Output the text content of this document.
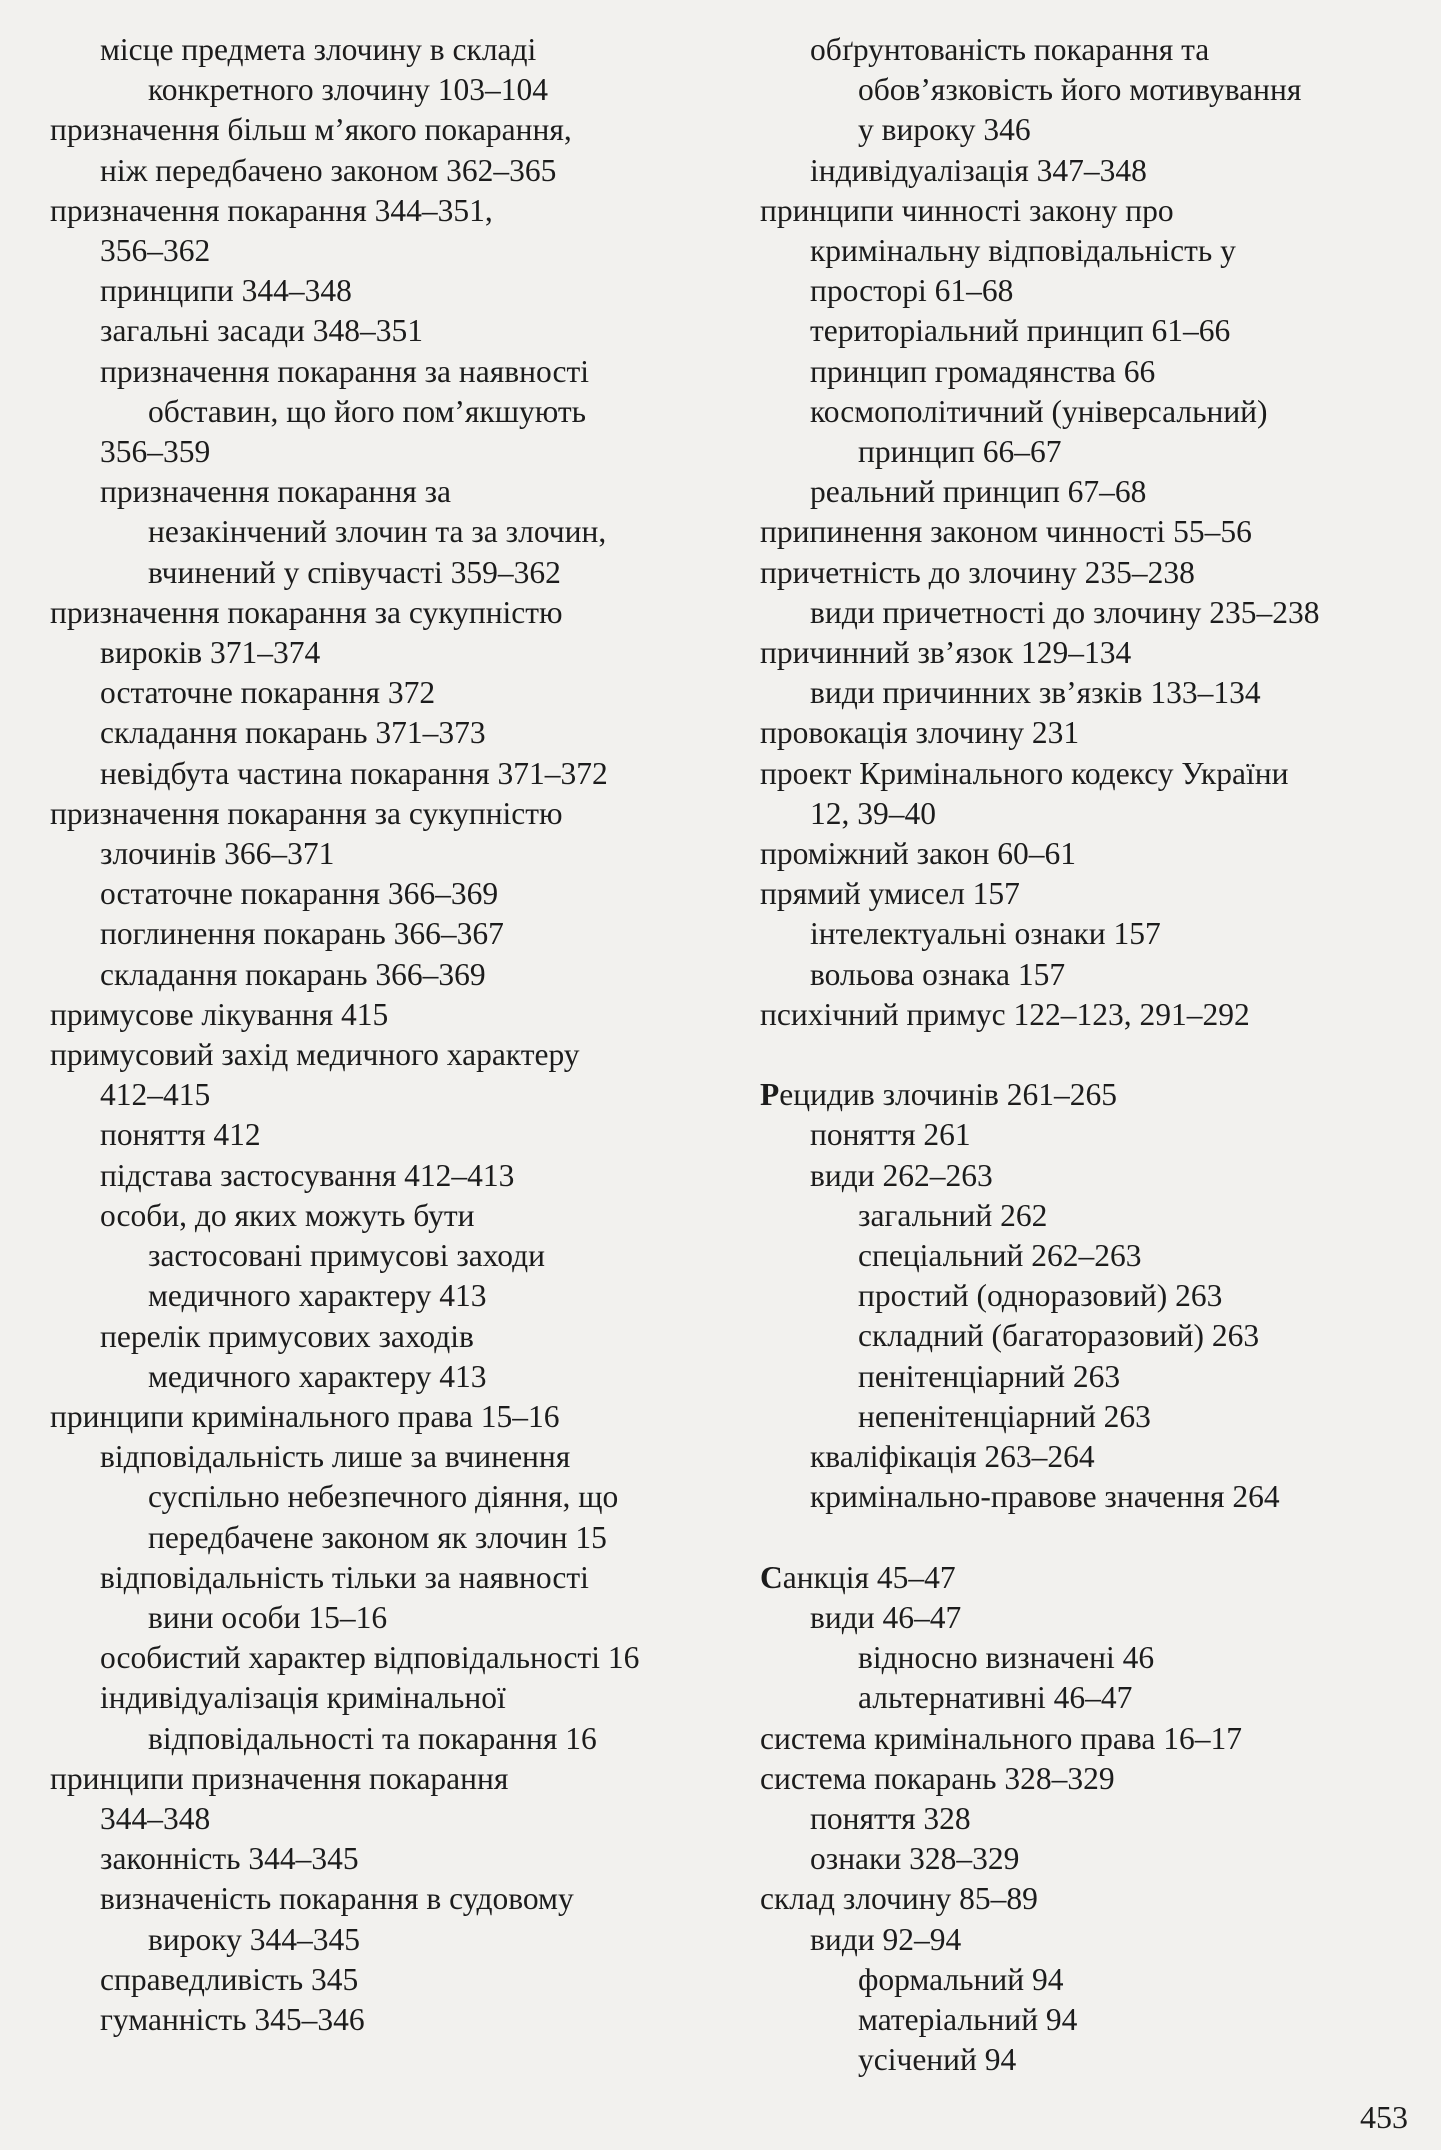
місце предмета злочину в складі
конкретного злочину 103–104
призначення більш м’якого покарання,
ніж передбачено законом 362–365
призначення покарання 344–351,
356–362
принципи 344–348
загальні засади 348–351
призначення покарання за наявності
обставин, що його пом’якшують
356–359
призначення покарання за
незакінчений злочин та за злочин,
вчинений у співучасті 359–362
призначення покарання за сукупністю
вироків 371–374
остаточне покарання 372
складання покарань 371–373
невідбута частина покарання 371–372
призначення покарання за сукупністю
злочинів 366–371
остаточне покарання 366–369
поглинення покарань 366–367
складання покарань 366–369
примусове лікування 415
примусовий захід медичного характеру
412–415
поняття 412
підстава застосування 412–413
особи, до яких можуть бути
застосовані примусові заходи
медичного характеру 413
перелік примусових заходів
медичного характеру 413
принципи кримінального права 15–16
відповідальність лише за вчинення
суспільно небезпечного діяння, що
передбачене законом як злочин 15
відповідальність тільки за наявності
вини особи 15–16
особистий характер відповідальності 16
індивідуалізація кримінальної
відповідальності та покарання 16
принципи призначення покарання
344–348
законність 344–345
визначеність покарання в судовому
вироку 344–345
справедливість 345
гуманність 345–346
обґрунтованість покарання та
обов’язковість його мотивування
у вироку 346
індивідуалізація 347–348
принципи чинності закону про
кримінальну відповідальність у
просторі 61–68
територіальний принцип 61–66
принцип громадянства 66
космополітичний (універсальний)
принцип 66–67
реальний принцип 67–68
припинення законом чинності 55–56
причетність до злочину 235–238
види причетності до злочину 235–238
причинний зв’язок 129–134
види причинних зв’язків 133–134
провокація злочину 231
проект Кримінального кодексу України
12, 39–40
проміжний закон 60–61
прямий умисел 157
інтелектуальні ознаки 157
вольова ознака 157
психічний примус 122–123, 291–292
Рецидив злочинів 261–265
поняття 261
види 262–263
загальний 262
спеціальний 262–263
простий (одноразовий) 263
складний (багаторазовий) 263
пенітенціарний 263
непенітенціарний 263
кваліфікація 263–264
кримінально-правове значення 264
Санкція 45–47
види 46–47
відносно визначені 46
альтернативні 46–47
система кримінального права 16–17
система покарань 328–329
поняття 328
ознаки 328–329
склад злочину 85–89
види 92–94
формальний 94
матеріальний 94
усічений 94
453
